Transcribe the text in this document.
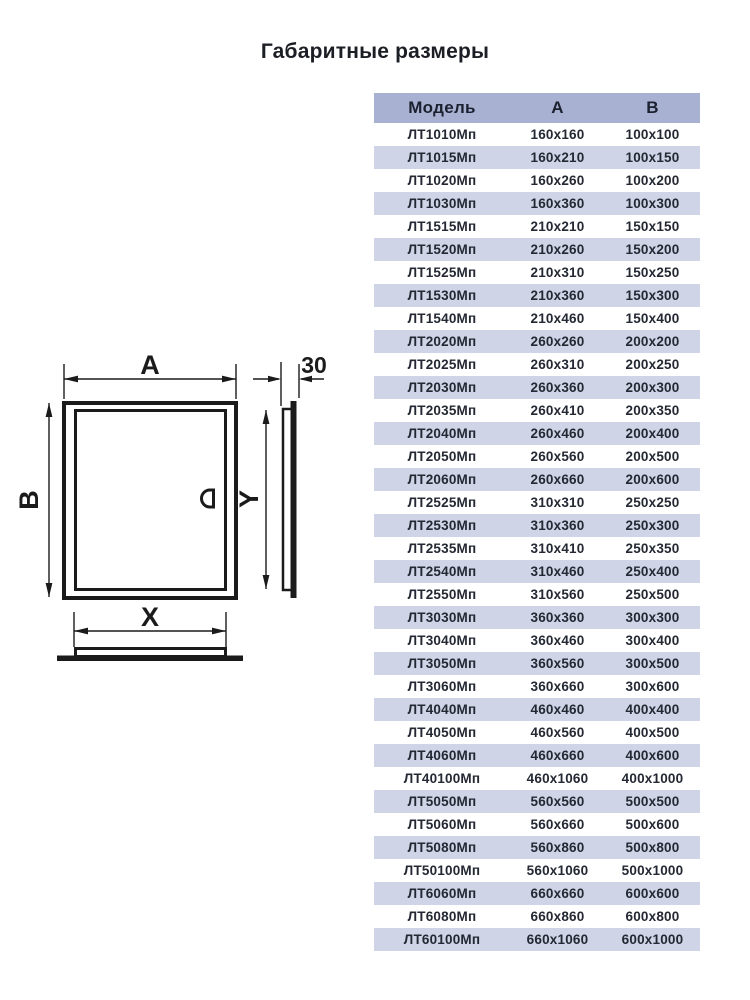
Габаритные размеры
A
B
X
Y
30
Модель	А	В
ЛТ1010Мп	160х160	100х100
ЛТ1015Мп	160х210	100х150
ЛТ1020Мп	160х260	100х200
ЛТ1030Мп	160х360	100х300
ЛТ1515Мп	210х210	150х150
ЛТ1520Мп	210х260	150х200
ЛТ1525Мп	210х310	150х250
ЛТ1530Мп	210х360	150х300
ЛТ1540Мп	210х460	150х400
ЛТ2020Мп	260х260	200х200
ЛТ2025Мп	260х310	200х250
ЛТ2030Мп	260х360	200х300
ЛТ2035Мп	260х410	200х350
ЛТ2040Мп	260х460	200х400
ЛТ2050Мп	260х560	200х500
ЛТ2060Мп	260х660	200х600
ЛТ2525Мп	310х310	250х250
ЛТ2530Мп	310х360	250х300
ЛТ2535Мп	310х410	250х350
ЛТ2540Мп	310х460	250х400
ЛТ2550Мп	310х560	250х500
ЛТ3030Мп	360х360	300х300
ЛТ3040Мп	360х460	300х400
ЛТ3050Мп	360х560	300х500
ЛТ3060Мп	360х660	300х600
ЛТ4040Мп	460х460	400х400
ЛТ4050Мп	460х560	400х500
ЛТ4060Мп	460х660	400х600
ЛТ40100Мп	460х1060	400х1000
ЛТ5050Мп	560х560	500х500
ЛТ5060Мп	560х660	500х600
ЛТ5080Мп	560х860	500х800
ЛТ50100Мп	560х1060	500х1000
ЛТ6060Мп	660х660	600х600
ЛТ6080Мп	660х860	600х800
ЛТ60100Мп	660х1060	600х1000
